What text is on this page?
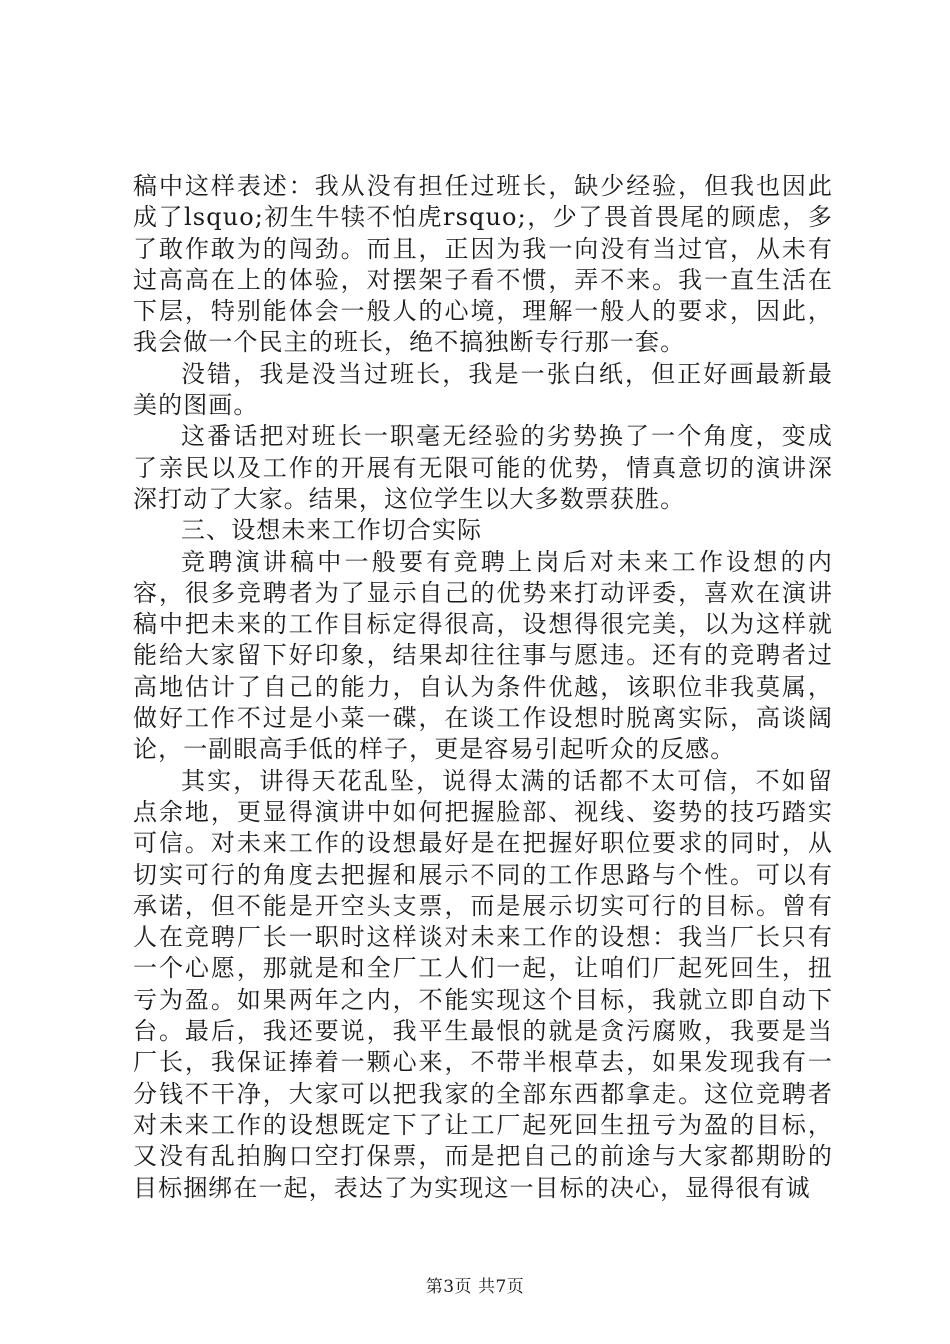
稿中这样表述：我从没有担任过班长，缺少经验，但我也因此成了lsquo;初生牛犊不怕虎rsquo;，少了畏首畏尾的顾虑，多了敢作敢为的闯劲。而且，正因为我一向没有当过官，从未有过高高在上的体验，对摆架子看不惯，弄不来。我一直生活在下层，特别能体会一般人的心境，理解一般人的要求，因此，我会做一个民主的班长，绝不搞独断专行那一套。

没错，我是没当过班长，我是一张白纸，但正好画最新最美的图画。

这番话把对班长一职毫无经验的劣势换了一个角度，变成了亲民以及工作的开展有无限可能的优势，情真意切的演讲深深打动了大家。结果，这位学生以大多数票获胜。

三、设想未来工作切合实际

竞聘演讲稿中一般要有竞聘上岗后对未来工作设想的内容，很多竞聘者为了显示自己的优势来打动评委，喜欢在演讲稿中把未来的工作目标定得很高，设想得很完美，以为这样就能给大家留下好印象，结果却往往事与愿违。还有的竞聘者过高地估计了自己的能力，自认为条件优越，该职位非我莫属，做好工作不过是小菜一碟，在谈工作设想时脱离实际，高谈阔论，一副眼高手低的样子，更是容易引起听众的反感。

其实，讲得天花乱坠，说得太满的话都不太可信，不如留点余地，更显得演讲中如何把握脸部、视线、姿势的技巧踏实可信。对未来工作的设想最好是在把握好职位要求的同时，从切实可行的角度去把握和展示不同的工作思路与个性。可以有承诺，但不能是开空头支票，而是展示切实可行的目标。曾有人在竞聘厂长一职时这样谈对未来工作的设想：我当厂长只有一个心愿，那就是和全厂工人们一起，让咱们厂起死回生，扭亏为盈。如果两年之内，不能实现这个目标，我就立即自动下台。最后，我还要说，我平生最恨的就是贪污腐败，我要是当厂长，我保证捧着一颗心来，不带半根草去，如果发现我有一分钱不干净，大家可以把我家的全部东西都拿走。这位竞聘者对未来工作的设想既定下了让工厂起死回生扭亏为盈的目标，又没有乱拍胸口空打保票，而是把自己的前途与大家都期盼的目标捆绑在一起，表达了为实现这一目标的决心，显得很有诚

第3页 共7页
